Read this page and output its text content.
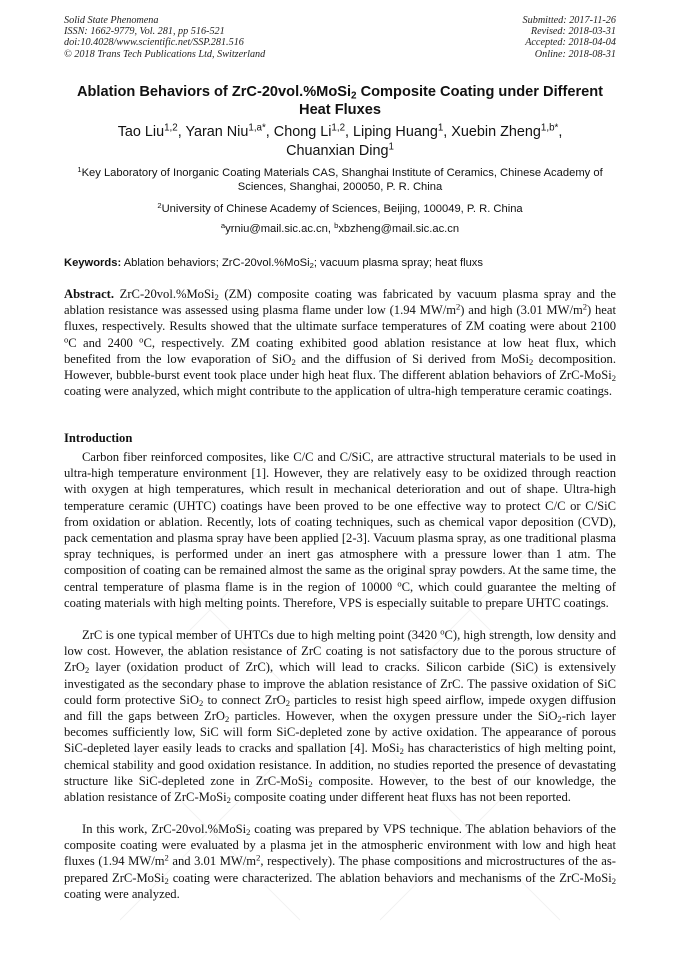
Solid State Phenomena
ISSN: 1662-9779, Vol. 281, pp 516-521
doi:10.4028/www.scientific.net/SSP.281.516
© 2018 Trans Tech Publications Ltd, Switzerland
Submitted: 2017-11-26
Revised: 2018-03-31
Accepted: 2018-04-04
Online: 2018-08-31
Ablation Behaviors of ZrC-20vol.%MoSi$_2$ Composite Coating under Different Heat Fluxes
Tao Liu$^{1,2}$, Yaran Niu$^{1,a*}$, Chong Li$^{1,2}$, Liping Huang$^1$, Xuebin Zheng$^{1,b*}$,
Chuanxian Ding$^1$
$^1$Key Laboratory of Inorganic Coating Materials CAS, Shanghai Institute of Ceramics, Chinese Academy of Sciences, Shanghai, 200050, P. R. China
$^2$University of Chinese Academy of Sciences, Beijing, 100049, P. R. China
$^a$yrniu@mail.sic.ac.cn, $^b$xbzheng@mail.sic.ac.cn
Keywords: Ablation behaviors; ZrC-20vol.%MoSi$_2$; vacuum plasma spray; heat fluxs

Abstract. ZrC-20vol.%MoSi$_2$ (ZM) composite coating was fabricated by vacuum plasma spray and the ablation resistance was assessed using plasma flame under low (1.94 $MW/m^2$) and high (3.01 $MW/m^2$) heat fluxes, respectively. Results showed that the ultimate surface temperatures of ZM coating were about 2100 $^o$C and 2400 $^o$C, respectively. ZM coating exhibited good ablation resistance at low heat flux, which benefited from the low evaporation of SiO$_2$ and the diffusion of Si derived from MoSi$_2$ decomposition. However, bubble-burst event took place under high heat flux. The different ablation behaviors of ZrC-MoSi$_2$ coating were analyzed, which might contribute to the application of ultra-high temperature ceramic coatings.

Introduction

Carbon fiber reinforced composites, like C/C and C/SiC, are attractive structural materials to be used in ultra-high temperature environment [1]. However, they are relatively easy to be oxidized through reaction with oxygen at high temperatures, which result in mechanical deterioration and out of shape. Ultra-high temperature ceramic (UHTC) coatings have been proved to be one effective way to protect C/C or C/SiC from oxidation or ablation. Recently, lots of coating techniques, such as chemical vapor deposition (CVD), pack cementation and plasma spray have been applied [2-3]. Vacuum plasma spray, as one traditional plasma spray techniques, is performed under an inert gas atmosphere with a pressure lower than 1 atm. The composition of coating can be remained almost the same as the original spray powders. At the same time, the central temperature of plasma flame is in the region of 10000 $^o$C, which could guarantee the melting of coating materials with high melting points. Therefore, VPS is especially suitable to prepare UHTC coatings.

ZrC is one typical member of UHTCs due to high melting point (3420 $^o$C), high strength, low density and low cost. However, the ablation resistance of ZrC coating is not satisfactory due to the porous structure of ZrO$_2$ layer (oxidation product of ZrC), which will lead to cracks. Silicon carbide (SiC) is extensively investigated as the secondary phase to improve the ablation resistance of ZrC. The passive oxidation of SiC could form protective SiO$_2$ to connect ZrO$_2$ particles to resist high speed airflow, impede oxygen diffusion and fill the gaps between ZrO$_2$ particles. However, when the oxygen pressure under the SiO$_2$-rich layer becomes sufficiently low, SiC will form SiC-depleted zone by active oxidation. The appearance of porous SiC-depleted layer easily leads to cracks and spallation [4]. MoSi$_2$ has characteristics of high melting point, chemical stability and good oxidation resistance. In addition, no studies reported the presence of devastating structure like SiC-depleted zone in ZrC-MoSi$_2$ composite. However, to the best of our knowledge, the ablation resistance of ZrC-MoSi$_2$ composite coating under different heat fluxs has not been reported.

In this work, ZrC-20vol.%MoSi$_2$ coating was prepared by VPS technique. The ablation behaviors of the composite coating were evaluated by a plasma jet in the atmospheric environment with low and high heat fluxes (1.94 $MW/m^2$ and 3.01 $MW/m^2$, respectively). The phase compositions and microstructures of the as-prepared ZrC-MoSi$_2$ coating were characterized. The ablation behaviors and mechanisms of the ZrC-MoSi$_2$ coating were analyzed.
